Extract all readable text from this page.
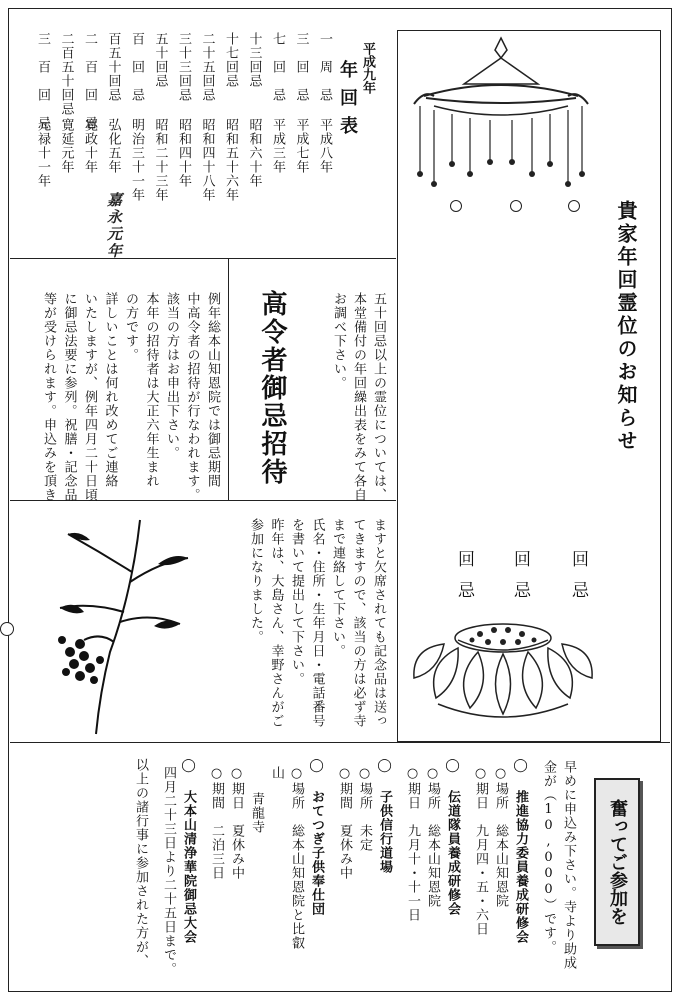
平成九年
年回表
一　周　忌
平成八年
三　回　忌
平成七年
七　回　忌
平成三年
十三回忌
昭和六十年
十七回忌
昭和五十六年
二十五回忌
昭和四十八年
三十三回忌
昭和四十年
五十回忌
昭和二十三年
百　回　忌
明治三十一年
百五十回忌
弘化五年
二　百　回　忌
寛政十年
二百五十回忌
寛延元年
三　百　回　忌
元禄十一年
嘉永元年	貴家年回霊位のお知らせ
回忌 回忌 回忌
五十回忌以上の霊位については、
本堂備付の年回繰出表をみて各自
お調べ下さい。
高令者御忌招待
例年総本山知恩院では御忌期間
中高令者の招待が行なわれます。
該当の方はお申出下さい。
本年の招待者は大正六年生まれ
の方です。
詳しいことは何れ改めてご連絡
いたしますが、例年四月二十日頃
に御忌法要に参列。祝膳・記念品
等が受けられます。申込みを頂き
ますと欠席されても記念品は送っ
てきますので、該当の方は必ず寺
まで連絡して下さい。
氏名・住所・生年月日・電話番号
を書いて提出して下さい。
昨年は、大島さん、幸野さんがご
参加になりました。
奮ってご参加を
早めに申込み下さい。寺より助成
金が（10,000）です。
◯ 推進協力委員養成研修会
○場所　総本山知恩院
○期日　九月四・五・六日
◯ 伝道隊員養成研修会
○場所　総本山知恩院
○期日　九月十・十一日
◯ 子供信行道場
○場所　未定
○期間　夏休み中
◯ おてつぎ子供奉仕団
○場所　総本山知恩院と比叡
山
青龍寺
○期日　夏休み中
○期間　二泊三日
◯ 大本山清浄華院御忌大会
四月二十三日より二十五日まで。
以上の諸行事に参加された方が、
